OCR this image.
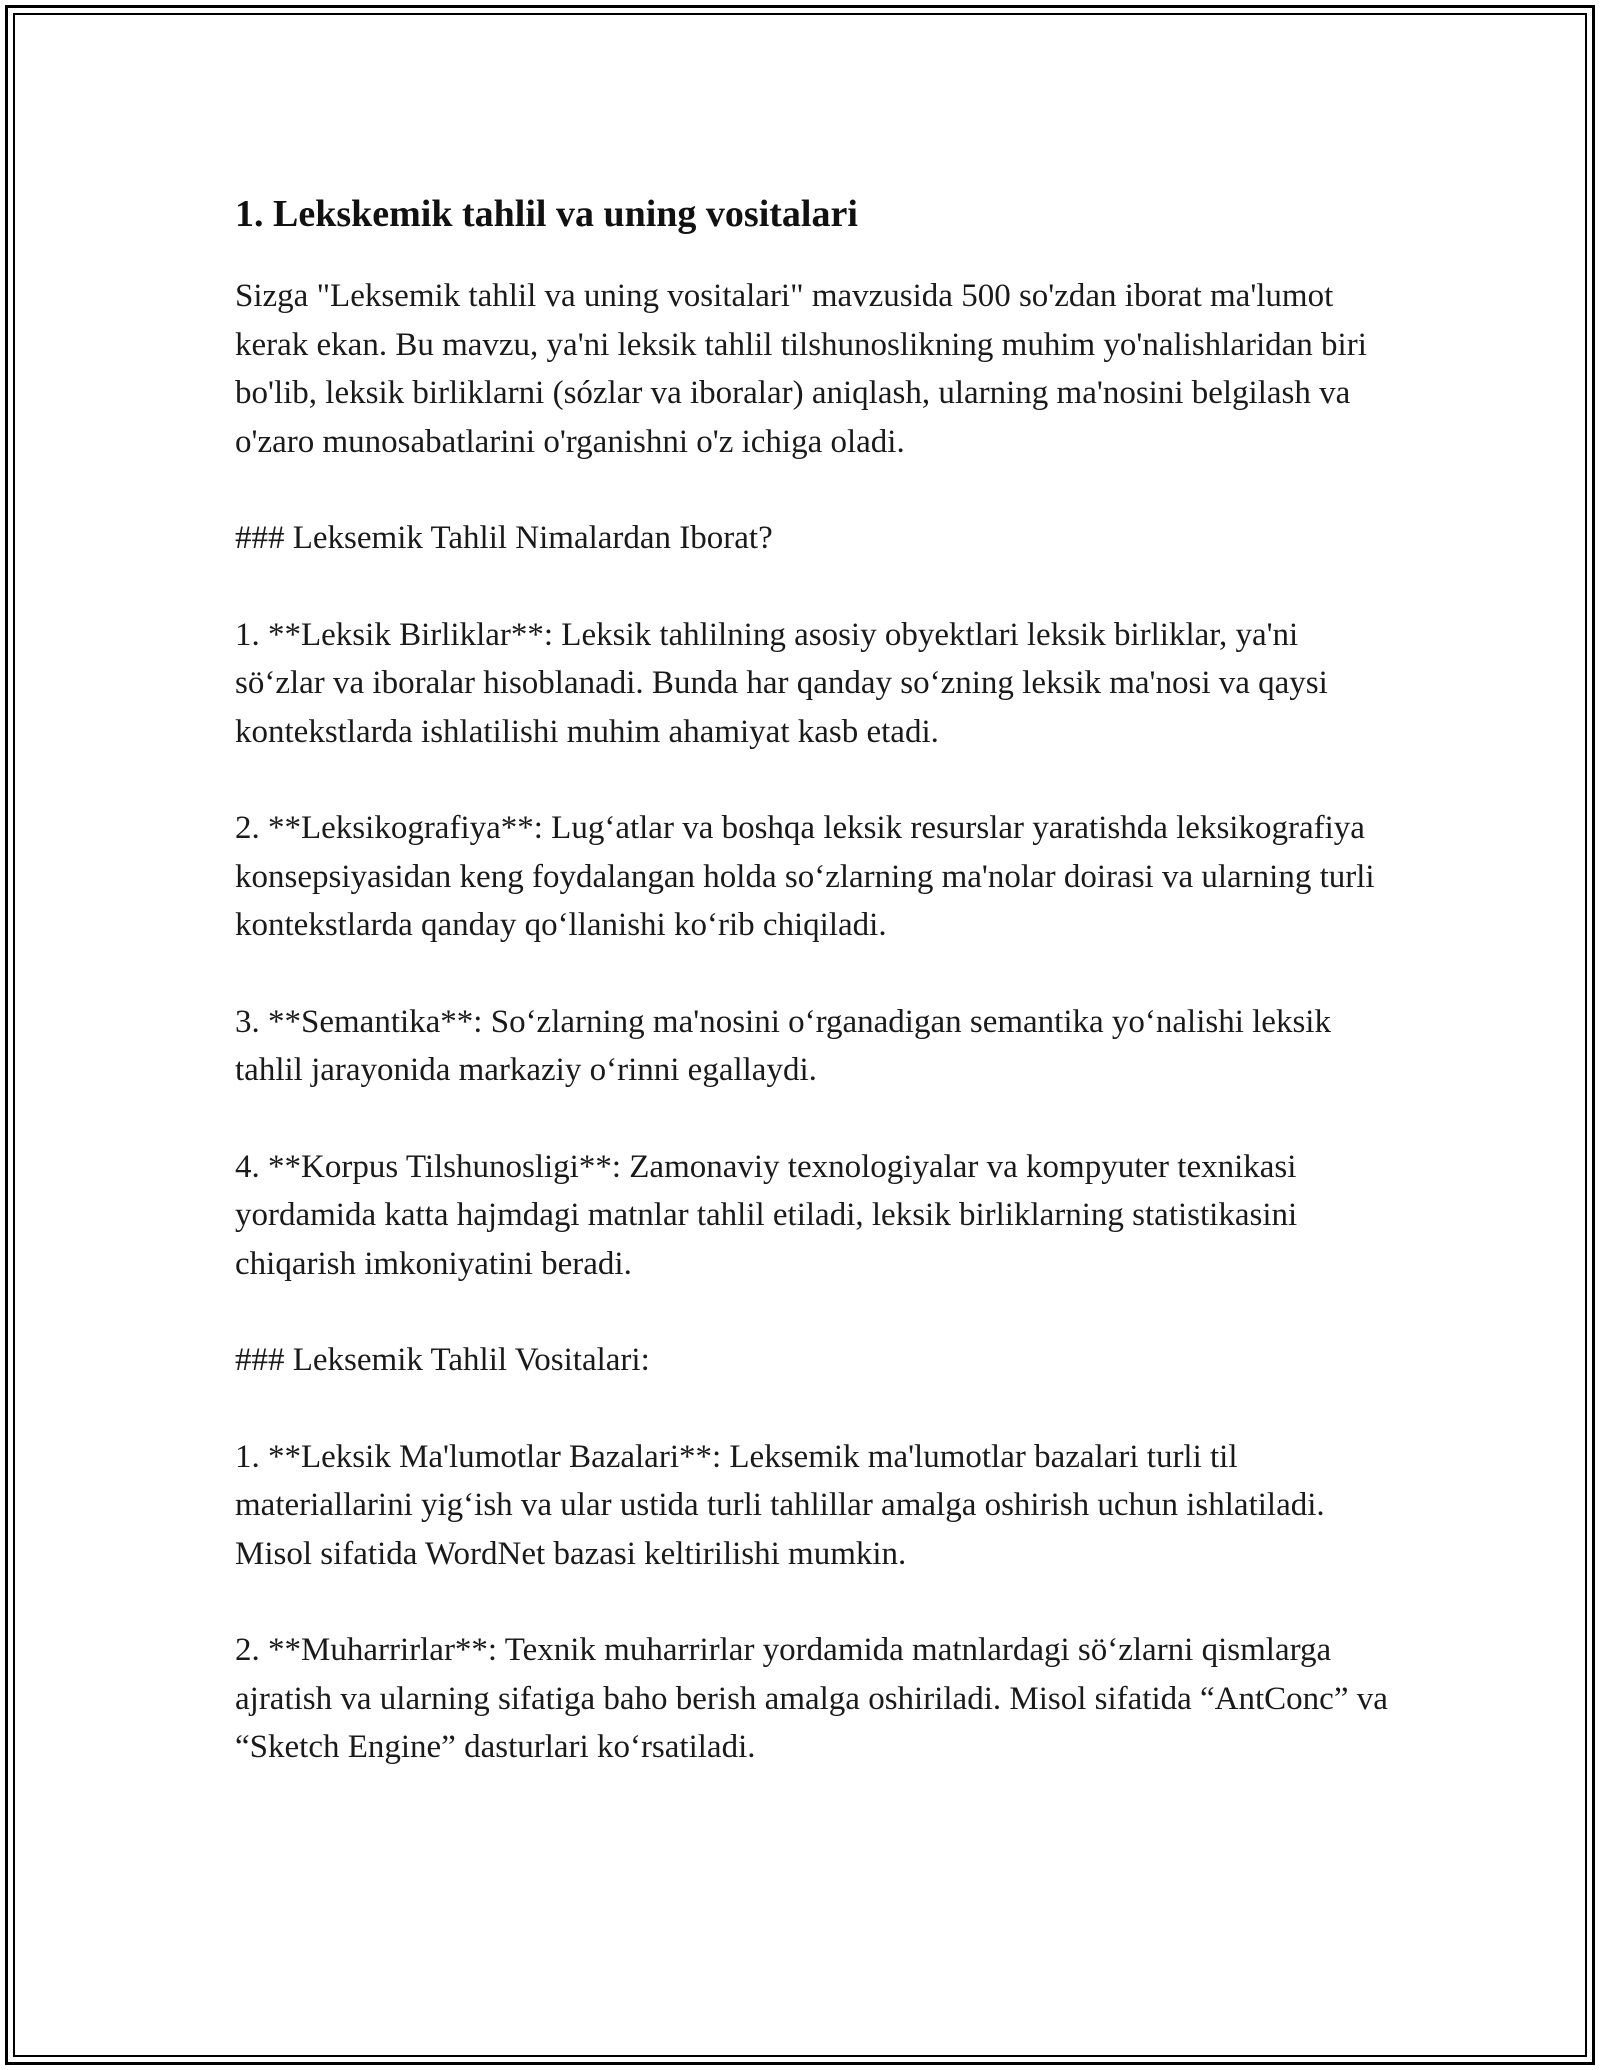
1. Lekskemik tahlil va uning vositalari

Sizga "Leksemik tahlil va uning vositalari" mavzusida 500 so'zdan iborat ma'lumot kerak ekan. Bu mavzu, ya'ni leksik tahlil tilshunoslikning muhim yo'nalishlaridan biri bo'lib, leksik birliklarni (sózlar va iboralar) aniqlash, ularning ma'nosini belgilash va o'zaro munosabatlarini o'rganishni o'z ichiga oladi.

### Leksemik Tahlil Nimalardan Iborat?

1. **Leksik Birliklar**: Leksik tahlilning asosiy obyektlari leksik birliklar, ya'ni sö‘zlar va iboralar hisoblanadi. Bunda har qanday so‘zning leksik ma'nosi va qaysi kontekstlarda ishlatilishi muhim ahamiyat kasb etadi.

2. **Leksikografiya**: Lug‘atlar va boshqa leksik resurslar yaratishda leksikografiya konsepsiyasidan keng foydalangan holda so‘zlarning ma'nolar doirasi va ularning turli kontekstlarda qanday qo‘llanishi ko‘rib chiqiladi.

3. **Semantika**: So‘zlarning ma'nosini o‘rganadigan semantika yo‘nalishi leksik tahlil jarayonida markaziy o‘rinni egallaydi.

4. **Korpus Tilshunosligi**: Zamonaviy texnologiyalar va kompyuter texnikasi yordamida katta hajmdagi matnlar tahlil etiladi, leksik birliklarning statistikasini chiqarish imkoniyatini beradi.

### Leksemik Tahlil Vositalari:

1. **Leksik Ma'lumotlar Bazalari**: Leksemik ma'lumotlar bazalari turli til materiallarini yig‘ish va ular ustida turli tahlillar amalga oshirish uchun ishlatiladi. Misol sifatida WordNet bazasi keltirilishi mumkin.

2. **Muharrirlar**: Texnik muharrirlar yordamida matnlardagi sö‘zlarni qismlarga ajratish va ularning sifatiga baho berish amalga oshiriladi. Misol sifatida “AntConc” va “Sketch Engine” dasturlari ko‘rsatiladi.
